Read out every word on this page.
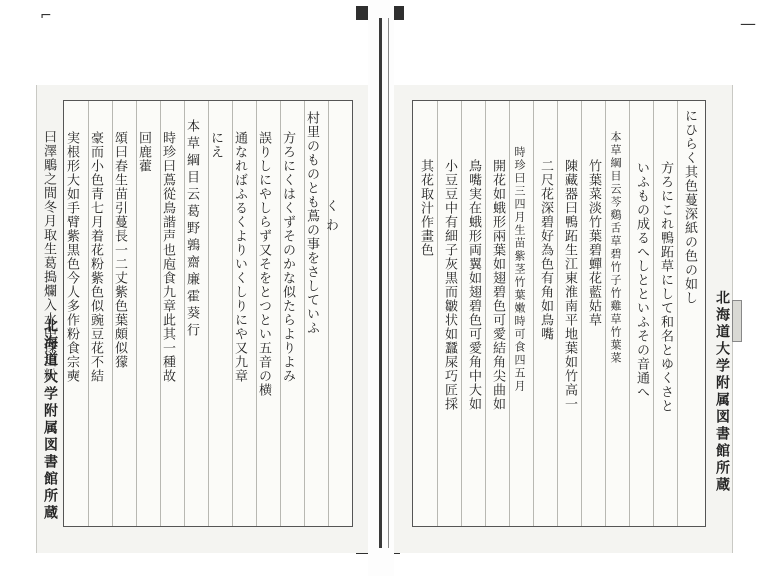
⌐
くわ
村里のものとも蔦の事をさしていふ
方ろにくはくずそのかな似たらよりよみ
誤りしにやしらず又そをとつとい五音の横
通なればふるくよりいくしりにや又九章
にえ
本草綱目云葛野鶉齋廉霍葵行
時珍曰蔦從鳥諧声也庖食九章此其一種故
回鹿藿
頌曰春生苗引蔓長一二丈紫色葉頗似獴
豪而小色青七月着花粉紫色似豌豆花不結
実根形大如手臂紫黒色今人多作粉食宗奭
曰澤鵰之間冬月取生葛搗爛入水中揉出粉
北海道大学附属図書館所蔵
にひらく其色蔓深紙の色の如し
方ろにこれ鴨跖草にして和名とゆくさと
いふもの成るへしとといふその音通へ
本草綱目云芩鷄舌草碧竹子竹雞草竹葉菜
竹葉菜淡竹葉碧蟬花藍姑草
陳藏器曰鴨跖生江東淮南平地葉如竹高一
二尺花深碧好為色有角如鳥嘴
時珍曰三四月生苗紫茎竹葉嫩時可食四五月
開花如蛾形兩葉如翅碧色可愛結角尖曲如
鳥嘴実在蛾形両翼如翅碧色可愛角中大如
小豆豆中有細子灰黒而皺状如蠶屎巧匠採
其花取汁作畫色
北海道大学附属図書館所蔵
—
